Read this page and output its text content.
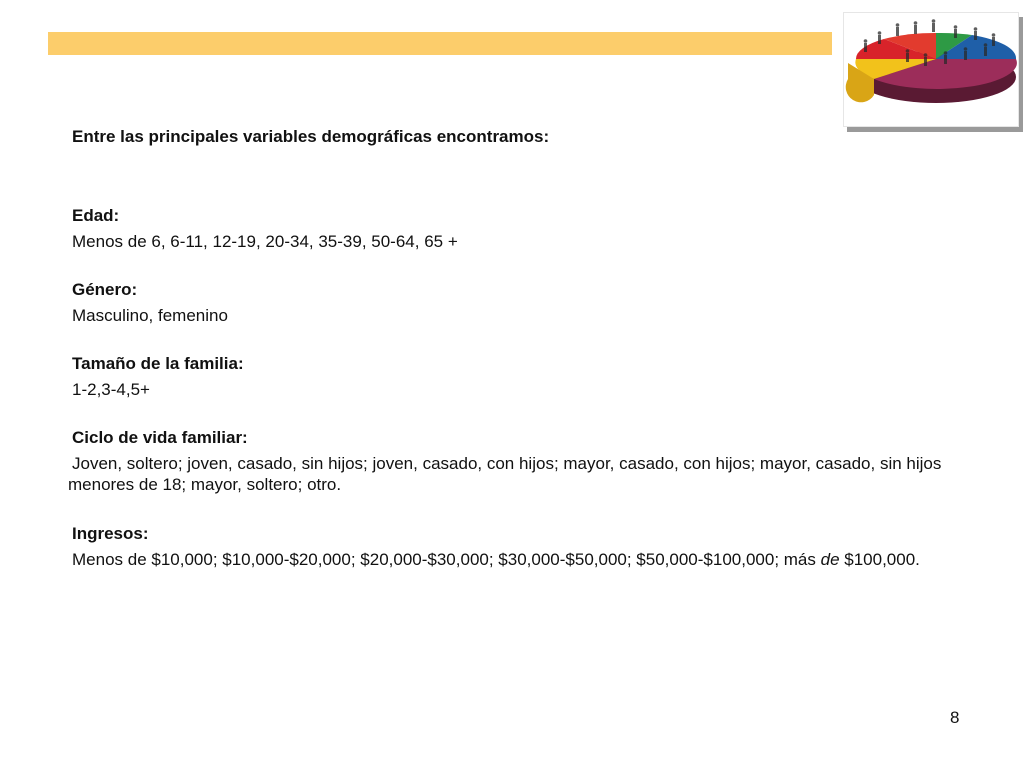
Entre las principales variables demográficas encontramos:
Edad:
Menos de 6, 6-11, 12-19, 20-34, 35-39, 50-64, 65 +
Género:
Masculino, femenino
Tamaño de la familia:
1-2,3-4,5+
Ciclo de vida familiar:
Joven, soltero; joven, casado, sin hijos; joven, casado, con hijos; mayor, casado, con hijos; mayor, casado, sin hijos menores de 18; mayor, soltero; otro.
Ingresos:
Menos de $10,000; $10,000-$20,000; $20,000-$30,000; $30,000-$50,000; $50,000-$100,000; más de $100,000.
8
